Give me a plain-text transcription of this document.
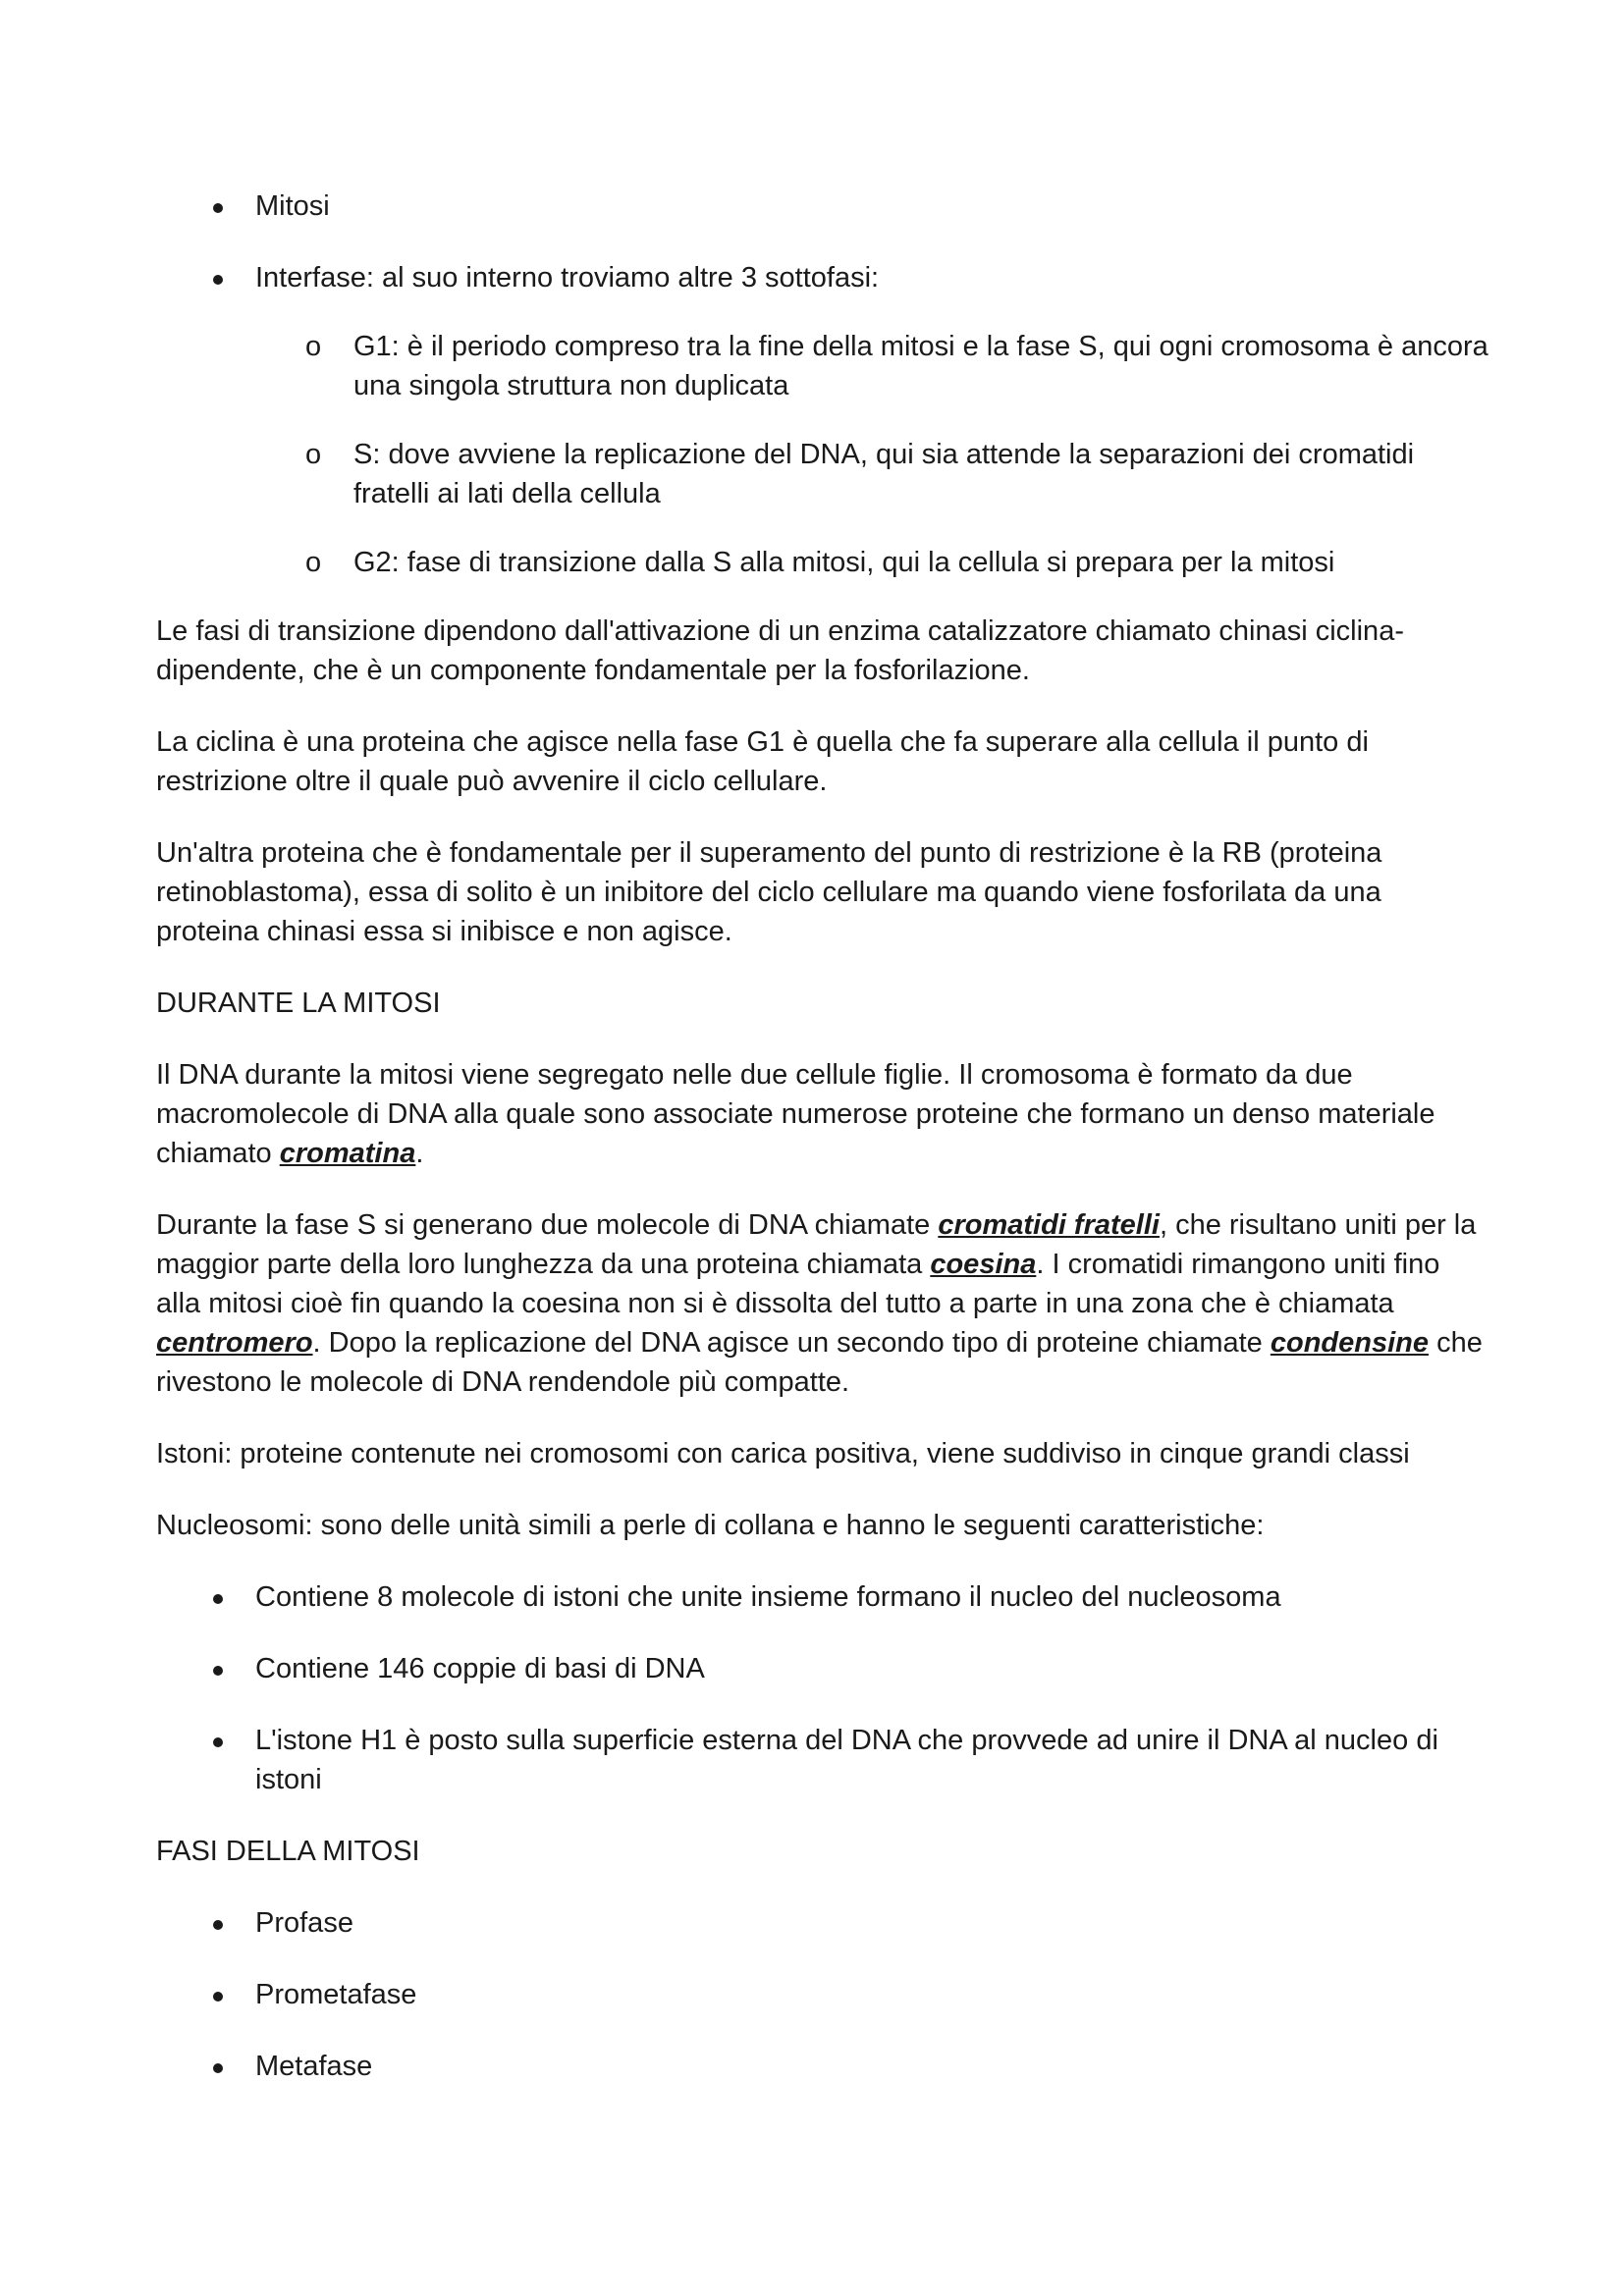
Mitosi
Interfase: al suo interno troviamo altre 3 sottofasi:
o G1: è il periodo compreso tra la fine della mitosi e la fase S, qui ogni cromosoma è ancora una singola struttura non duplicata
o S: dove avviene la replicazione del DNA, qui sia attende la separazioni dei cromatidi fratelli ai lati della cellula
o G2: fase di transizione dalla S alla mitosi, qui la cellula si prepara per la mitosi

Le fasi di transizione dipendono dall'attivazione di un enzima catalizzatore chiamato chinasi ciclina-dipendente, che è un componente fondamentale per la fosforilazione.

La ciclina è una proteina che agisce nella fase G1 è quella che fa superare alla cellula il punto di restrizione oltre il quale può avvenire il ciclo cellulare.

Un'altra proteina che è fondamentale per il superamento del punto di restrizione è la RB (proteina retinoblastoma), essa di solito è un inibitore del ciclo cellulare ma quando viene fosforilata da una proteina chinasi essa si inibisce e non agisce.

DURANTE LA MITOSI

Il DNA durante la mitosi viene segregato nelle due cellule figlie. Il cromosoma è formato da due macromolecole di DNA alla quale sono associate numerose proteine che formano un denso materiale chiamato cromatina.

Durante la fase S si generano due molecole di DNA chiamate cromatidi fratelli, che risultano uniti per la maggior parte della loro lunghezza da una proteina chiamata coesina. I cromatidi rimangono uniti fino alla mitosi cioè fin quando la coesina non si è dissolta del tutto a parte in una zona che è chiamata centromero. Dopo la replicazione del DNA agisce un secondo tipo di proteine chiamate condensine che rivestono le molecole di DNA rendendole più compatte.

Istoni: proteine contenute nei cromosomi con carica positiva, viene suddiviso in cinque grandi classi

Nucleosomi: sono delle unità simili a perle di collana e hanno le seguenti caratteristiche:

Contiene 8 molecole di istoni che unite insieme formano il nucleo del nucleosoma
Contiene 146 coppie di basi di DNA
L'istone H1 è posto sulla superficie esterna del DNA che provvede ad unire il DNA al nucleo di istoni

FASI DELLA MITOSI

Profase
Prometafase
Metafase
